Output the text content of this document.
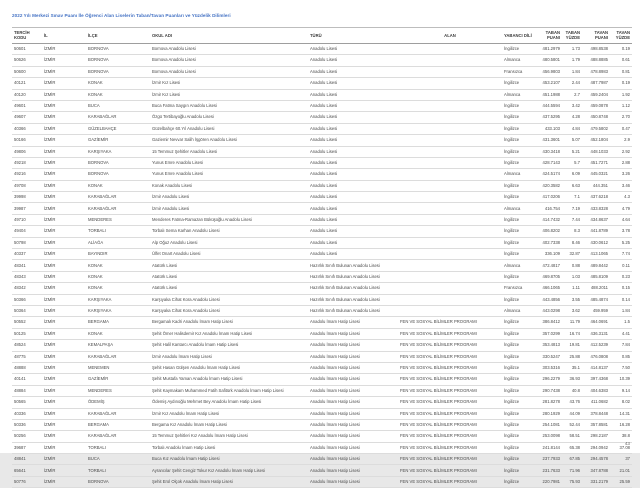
2022 Yılı Merkezi Sınav Puanı İle Öğrenci Alan Liselerin Taban/Tavan Puanları ve Yüzdelik Dilimleri
TERCİH KODU	İL	İLÇE	OKUL ADI	TÜRÜ	ALAN	YABANCI DİLİ	TABAN PUANI	TABAN YÜZDE	TAVAN PUANI	TAVAN YÜZDE
50601	İZMİR	BORNOVA	Bornova Anadolu Lisesi	Anadolu Lisesi		İngilizce	481.2979	1.73	498.8538	0.19
50626	İZMİR	BORNOVA	Bornova Anadolu Lisesi	Anadolu Lisesi		Almanca	480.5801	1.79	488.8885	0.61
50600	İZMİR	BORNOVA	Bornova Anadolu Lisesi	Anadolu Lisesi		Fransızca	456.9803	1.84	478.8983	0.81
40121	İZMİR	KONAK	İzmir Kız Lisesi	Anadolu Lisesi		İngilizce	453.2107	2.44	487.7987	0.19
40120	İZMİR	KONAK	İzmir Kız Lisesi	Anadolu Lisesi		Almanca	451.1988	2.7	459.2404	1.92
49601	İZMİR	BUCA	Buca Fatma Saygın Anadolu Lisesi	Anadolu Lisesi		İngilizce	444.5594	3.42	459.0878	1.12
49607	İZMİR	KARABAĞLAR	Özgü Tertibayoğlu Anadolu Lisesi	Anadolu Lisesi		İngilizce	437.5295	4.28	450.8748	2.70
40366	İZMİR	GÜZELBAHÇE	Güzelbahçe 60.Yıl Anadolu Lisesi	Anadolu Lisesi		İngilizce	433.103	4.84	479.5802	0.47
50166	İZMİR	GAZİEMİR	Gaziemir Nevvar Salih İşgören Anadolu Lisesi	Anadolu Lisesi		İngilizce	431.3601	5.07	452.1804	2.9
49806	İZMİR	KARŞIYAKA	15 Temmuz Şehitler Anadolu Lisesi	Anadolu Lisesi		İngilizce	430.3418	5.21	448.1033	2.92
49218	İZMİR	BORNOVA	Yunus Emre Anadolu Lisesi	Anadolu Lisesi		İngilizce	428.7143	5.7	451.7271	2.88
49216	İZMİR	BORNOVA	Yunus Emre Anadolu Lisesi	Anadolu Lisesi		Almanca	424.5174	6.09	445.0321	3.26
49708	İZMİR	KONAK	Konak Anadolu Lisesi	Anadolu Lisesi		İngilizce	420.3582	6.63	444.351	3.46
39998	İZMİR	KARABAĞLAR	İzmir Anadolu Lisesi	Anadolu Lisesi		İngilizce	417.0206	7.1	437.6218	4.3
39987	İZMİR	KARABAĞLAR	İzmir Anadolu Lisesi	Anadolu Lisesi		Almanca	416.754	7.19	433.8328	4.79
49710	İZMİR	MENDERES	Menderes Fatma-Ramazan Büküşoğlu Anadolu Lisesi	Anadolu Lisesi		İngilizce	414.7432	7.44	434.8637	4.64
49404	İZMİR	TORBALI	Torbalı Sema Karhan Anadolu Lisesi	Anadolu Lisesi		İngilizce	406.8202	8.3	441.8789	3.78
50798	İZMİR	ALİAĞA	Alp Oğuz Anadolu Lisesi	Anadolu Lisesi		İngilizce	402.7338	8.46	430.0612	5.25
40337	İZMİR	BAYINDIR	Ülfet Onart Anadolu Lisesi	Anadolu Lisesi		İngilizce	336.109	32.87	413.1065	7.74
48341	İZMİR	KONAK	Atatürk Lisesi	Hazırlık Sınıfı Bulunan Anadolu Lisesi		Almanca	472.4817	0.88	489.8442	0.11
48343	İZMİR	KONAK	Atatürk Lisesi	Hazırlık Sınıfı Bulunan Anadolu Lisesi		İngilizce	469.8705	1.03	485.8109	0.23
48342	İZMİR	KONAK	Atatürk Lisesi	Hazırlık Sınıfı Bulunan Anadolu Lisesi		Fransızca	466.1065	1.11	488.2011	0.15
50366	İZMİR	KARŞIYAKA	Karşıyaka Cihat Kora Anadolu Lisesi	Hazırlık Sınıfı Bulunan Anadolu Lisesi		İngilizce	443.4856	3.55	485.4874	0.14
50364	İZMİR	KARŞIYAKA	Karşıyaka Cihat Kora Anadolu Lisesi	Hazırlık Sınıfı Bulunan Anadolu Lisesi		Almanca	443.0298	3.62	459.959	1.84
50552	İZMİR	BERGAMA	Bergamalı Kadri Anadolu İmam Hatip Lisesi	Anadolu İmam Hatip Lisesi	FEN VE SOSYAL BİLİMLER PROGRAMI	İngilizce	386.8412	11.79	464.0691	1.5
50125	İZMİR	KONAK	Şehit Ömer Halisdemir Kız Anadolu İmam Hatip Lisesi	Anadolu İmam Hatip Lisesi	FEN VE SOSYAL BİLİMLER PROGRAMI	İngilizce	357.0299	16.74	436.3131	4.41
48524	İZMİR	KEMALPAŞA	Şehit Halil Kantarcı Anadolu İmam Hatip Lisesi	Anadolu İmam Hatip Lisesi	FEN VE SOSYAL BİLİMLER PROGRAMI	İngilizce	353.4813	19.81	412.5239	7.84
48775	İZMİR	KARABAĞLAR	İzmir Anadolu İmam Hatip Lisesi	Anadolu İmam Hatip Lisesi	FEN VE SOSYAL BİLİMLER PROGRAMI	İngilizce	330.5247	25.88	476.0808	0.85
48888	İZMİR	MENEMEN	Şehit Hasan Gülşen Anadolu İmam Hatip Lisesi	Anadolu İmam Hatip Lisesi	FEN VE SOSYAL BİLİMLER PROGRAMI	İngilizce	303.5316	35.1	414.8137	7.50
40141	İZMİR	GAZİEMİR	Şehit Mustafa Yaman Anadolu İmam Hatip Lisesi	Anadolu İmam Hatip Lisesi	FEN VE SOSYAL BİLİMLER PROGRAMI	İngilizce	296.2279	36.93	397.4368	10.39
48884	İZMİR	MENDERES	Şehit Kaymakam Muhammed Fatih Safitürk Anadolu İmam Hatip Lisesi	Anadolu İmam Hatip Lisesi	FEN VE SOSYAL BİLİMLER PROGRAMI	İngilizce	290.7438	40.8	404.6383	9.14
50565	İZMİR	ÖDEMİŞ	Ödemiş Aydınoğlu Mehmet Bey Anadolu İmam Hatip Lisesi	Anadolu İmam Hatip Lisesi	FEN VE SOSYAL BİLİMLER PROGRAMI	İngilizce	281.8278	43.76	411.0682	8.02
40336	İZMİR	KARABAĞLAR	İzmir Kız Anadolu İmam Hatip Lisesi	Anadolu İmam Hatip Lisesi	FEN VE SOSYAL BİLİMLER PROGRAMI	İngilizce	280.1929	44.09	378.8448	14.31
50336	İZMİR	BERGAMA	Bergama Kız Anadolu İmam Hatip Lisesi	Anadolu İmam Hatip Lisesi	FEN VE SOSYAL BİLİMLER PROGRAMI	İngilizce	254.1081	52.44	357.8581	16.28
50256	İZMİR	KARABAĞLAR	15 Temmuz Şehitleri Kız Anadolu İmam Hatip Lisesi	Anadolu İmam Hatip Lisesi	FEN VE SOSYAL BİLİMLER PROGRAMI	İngilizce	253.0098	58.51	298.2187	38.8
39687	İZMİR	TORBALI	Torbalı Anadolu İmam Hatip Lisesi	Anadolu İmam Hatip Lisesi	FEN VE SOSYAL BİLİMLER PROGRAMI	İngilizce	241.8144	65.38	294.0942	37.08
48841	İZMİR	BUCA	Buca Kız Anadolu İmam Hatip Lisesi	Anadolu İmam Hatip Lisesi	FEN VE SOSYAL BİLİMLER PROGRAMI	İngilizce	237.7933	67.85	294.4578	37
65641	İZMİR	TORBALI	Ayrancılar Şehit Cengiz Tokur Kız Anadolu İmam Hatip Lisesi	Anadolu İmam Hatip Lisesi	FEN VE SOSYAL BİLİMLER PROGRAMI	İngilizce	231.7633	71.96	347.8788	21.01
50776	İZMİR	BORNOVA	Şehit Erol Olçok Anadolu İmam Hatip Lisesi	Anadolu İmam Hatip Lisesi	FEN VE SOSYAL BİLİMLER PROGRAMI	İngilizce	220.7981	75.93	331.2179	25.59
43
